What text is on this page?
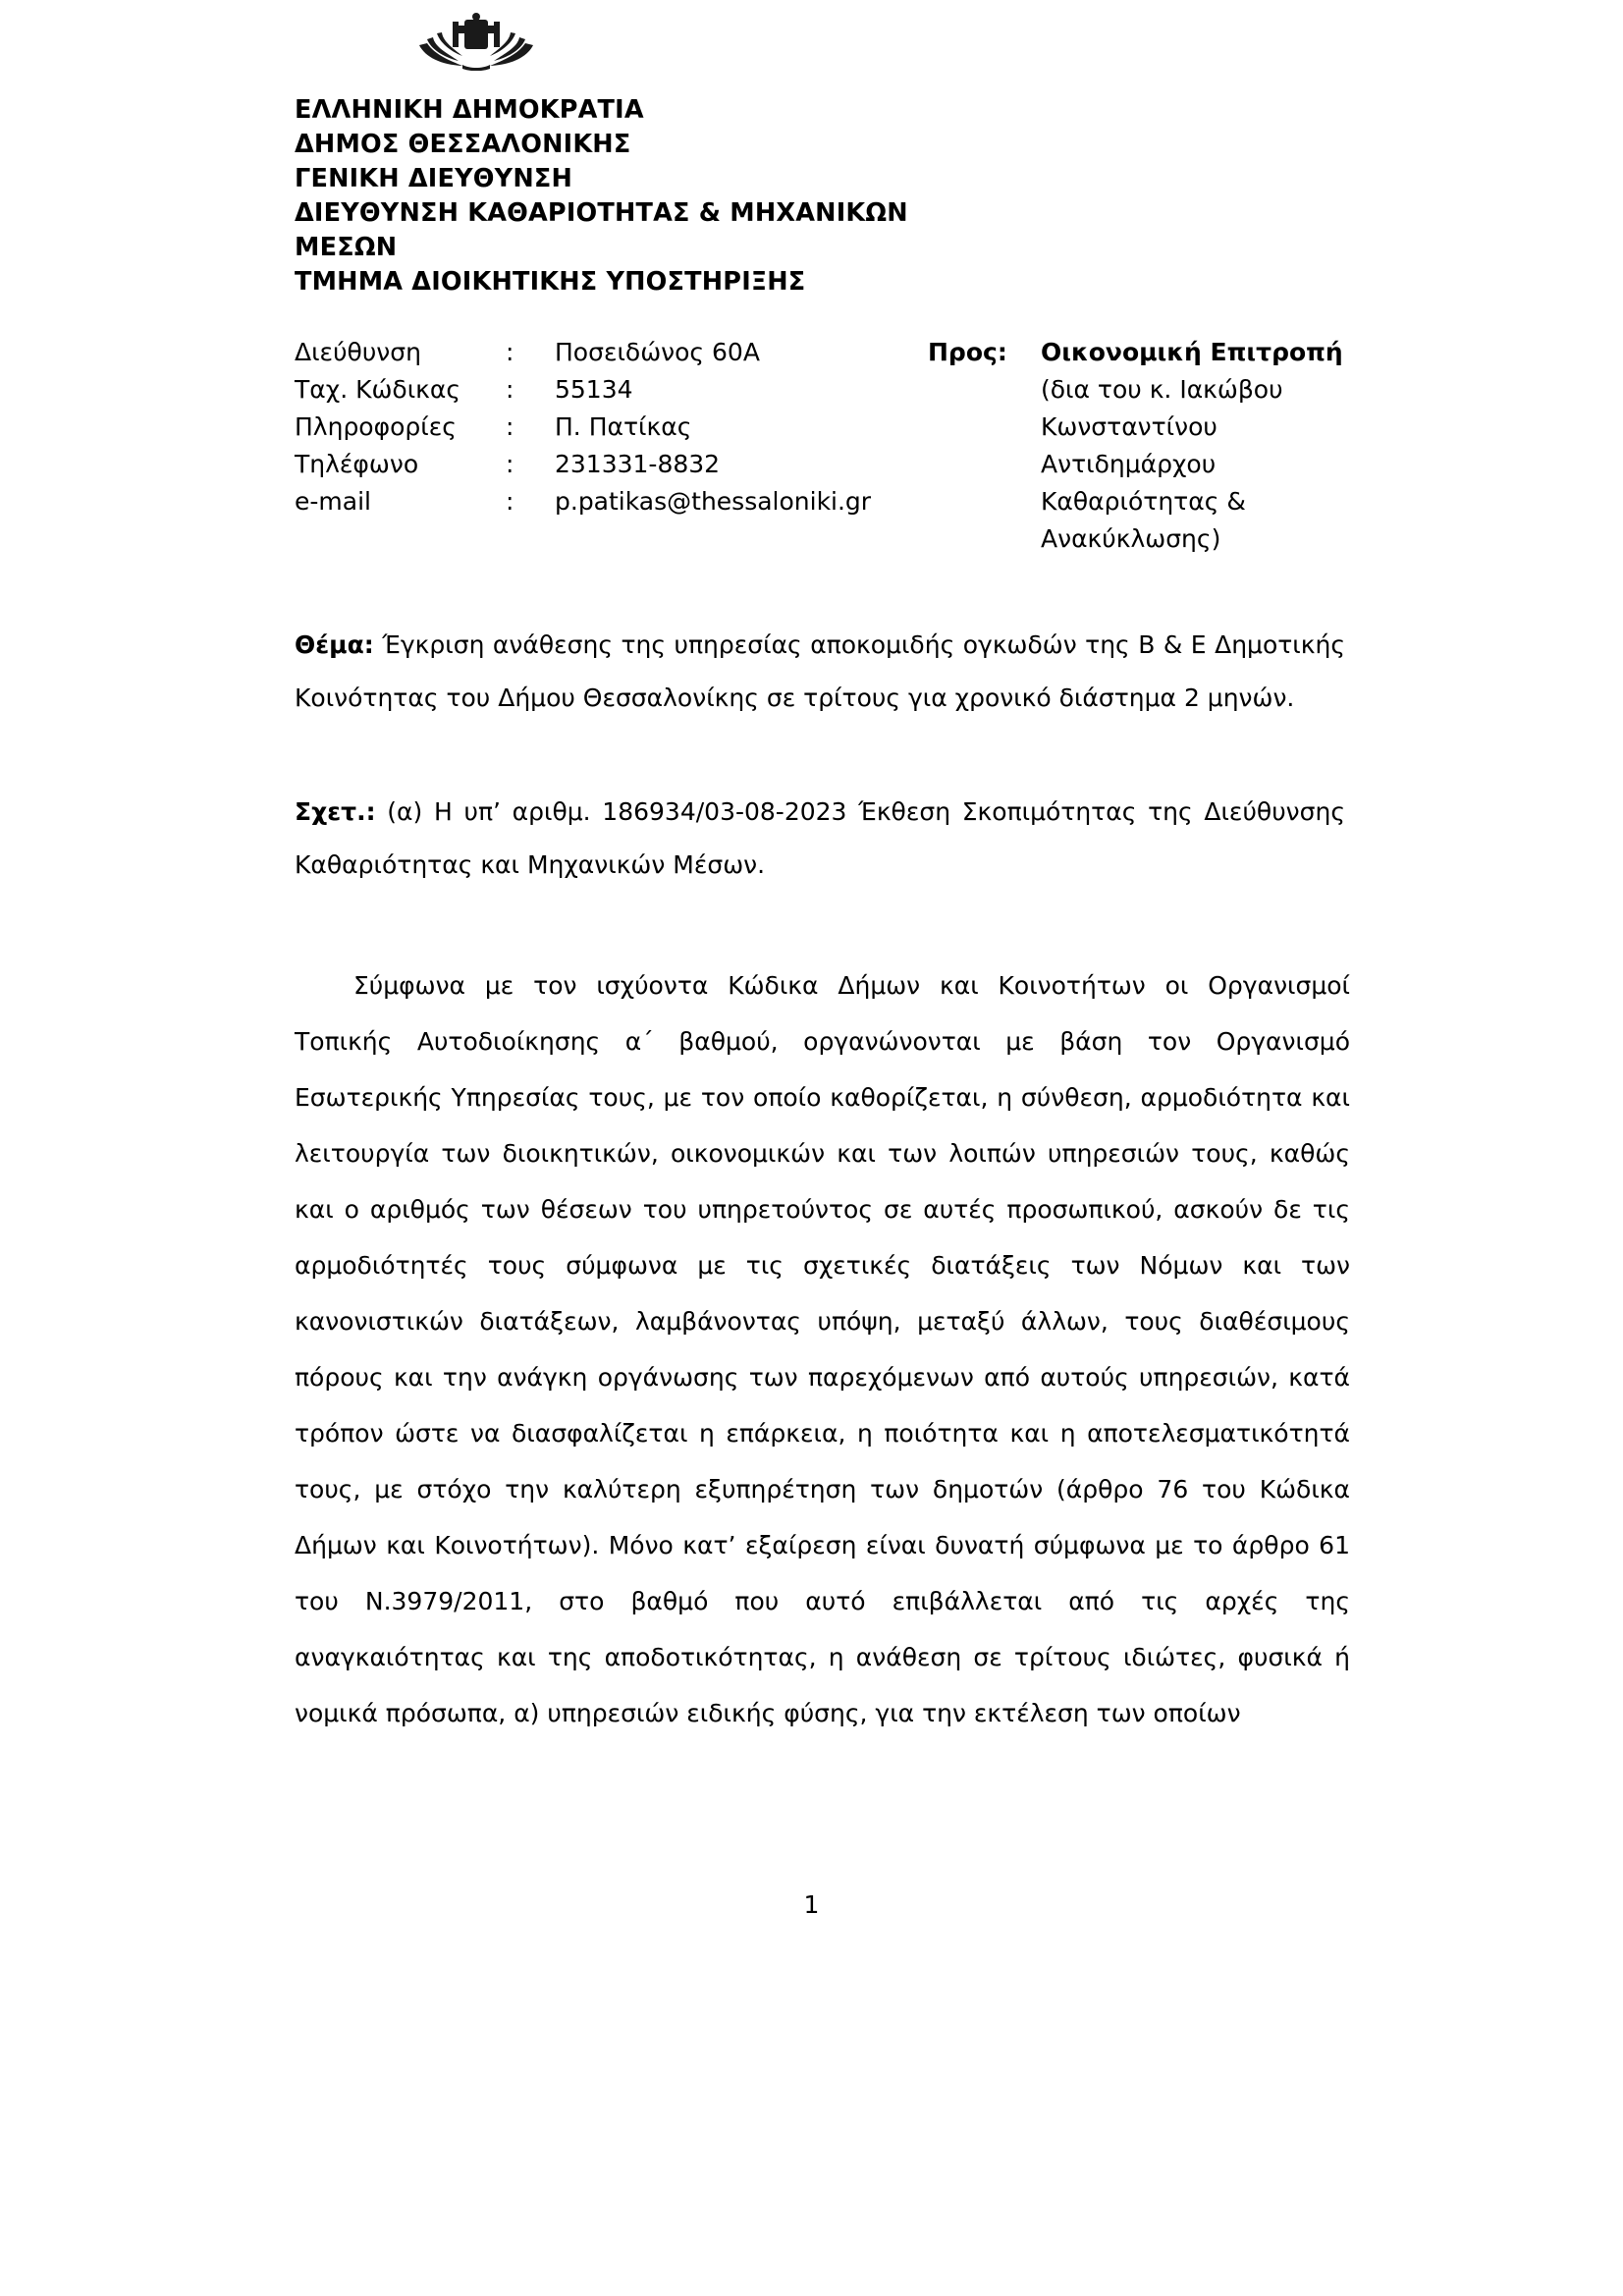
ΕΛΛΗΝΙΚΗ ΔΗΜΟΚΡΑΤΙΑ
ΔΗΜΟΣ ΘΕΣΣΑΛΟΝΙΚΗΣ
ΓΕΝΙΚΗ ΔΙΕΥΘΥΝΣΗ
ΔΙΕΥΘΥΝΣΗ ΚΑΘΑΡΙΟΤΗΤΑΣ & ΜΗΧΑΝΙΚΩΝ
ΜΕΣΩΝ
ΤΜΗΜΑ ΔΙΟΙΚΗΤΙΚΗΣ ΥΠΟΣΤΗΡΙΞΗΣ
Διεύθυνση	:	Ποσειδώνος 60Α
Ταχ. Κώδικας	:	55134
Πληροφορίες	:	Π. Πατίκας
Τηλέφωνο	:	231331-8832
e-mail	:	p.patikas@thessaloniki.gr
Προς:	Οικονομική Επιτροπή
(δια του κ. Ιακώβου
Κωνσταντίνου
Αντιδημάρχου
Καθαριότητας &
Ανακύκλωσης)
Θέμα: Έγκριση ανάθεσης της υπηρεσίας αποκομιδής ογκωδών της Β & Ε Δημοτικής Κοινότητας του Δήμου Θεσσαλονίκης σε τρίτους για χρονικό διάστημα 2 μηνών.
Σχετ.: (α) Η υπ’ αριθμ. 186934/03-08-2023 Έκθεση Σκοπιμότητας της Διεύθυνσης Καθαριότητας και Μηχανικών Μέσων.
Σύμφωνα με τον ισχύοντα Κώδικα Δήμων και Κοινοτήτων οι Οργανισμοί Τοπικής Αυτοδιοίκησης α΄ βαθμού, οργανώνονται με βάση τον Οργανισμό Εσωτερικής Υπηρεσίας τους, με τον οποίο καθορίζεται, η σύνθεση, αρμοδιότητα και λειτουργία των διοικητικών, οικονομικών και των λοιπών υπηρεσιών τους, καθώς και ο αριθμός των θέσεων του υπηρετούντος σε αυτές προσωπικού, ασκούν δε τις αρμοδιότητές τους σύμφωνα με τις σχετικές διατάξεις των Νόμων και των κανονιστικών διατάξεων, λαμβάνοντας υπόψη, μεταξύ άλλων, τους διαθέσιμους πόρους και την ανάγκη οργάνωσης των παρεχόμενων από αυτούς υπηρεσιών, κατά τρόπον ώστε να διασφαλίζεται η επάρκεια, η ποιότητα και η αποτελεσματικότητά τους, με στόχο την καλύτερη εξυπηρέτηση των δημοτών (άρθρο 76 του Κώδικα Δήμων και Κοινοτήτων). Μόνο κατ’ εξαίρεση είναι δυνατή σύμφωνα με το άρθρο 61 του Ν.3979/2011, στο βαθμό που αυτό επιβάλλεται από τις αρχές της αναγκαιότητας και της αποδοτικότητας, η ανάθεση σε τρίτους ιδιώτες, φυσικά ή νομικά πρόσωπα, α) υπηρεσιών ειδικής φύσης, για την εκτέλεση των οποίων
1
